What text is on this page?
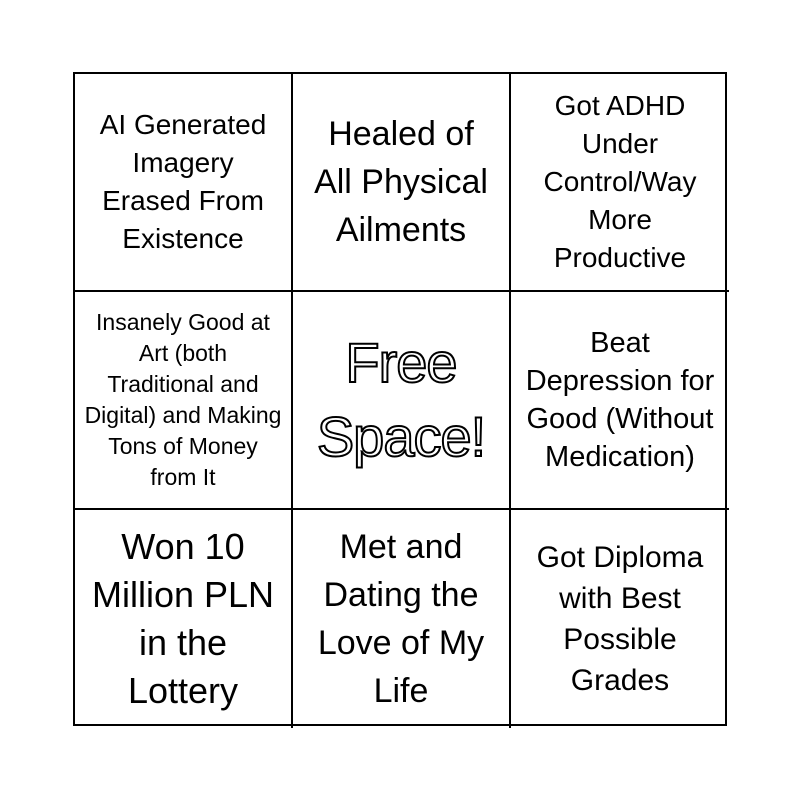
AI Generated Imagery Erased From Existence
Healed of All Physical Ailments
Got ADHD Under Control/Way More Productive
Insanely Good at Art (both Traditional and Digital) and Making Tons of Money from It
Free Space!
Beat Depression for Good (Without Medication)
Won 10 Million PLN in the Lottery
Met and Dating the Love of My Life
Got Diploma with Best Possible Grades
